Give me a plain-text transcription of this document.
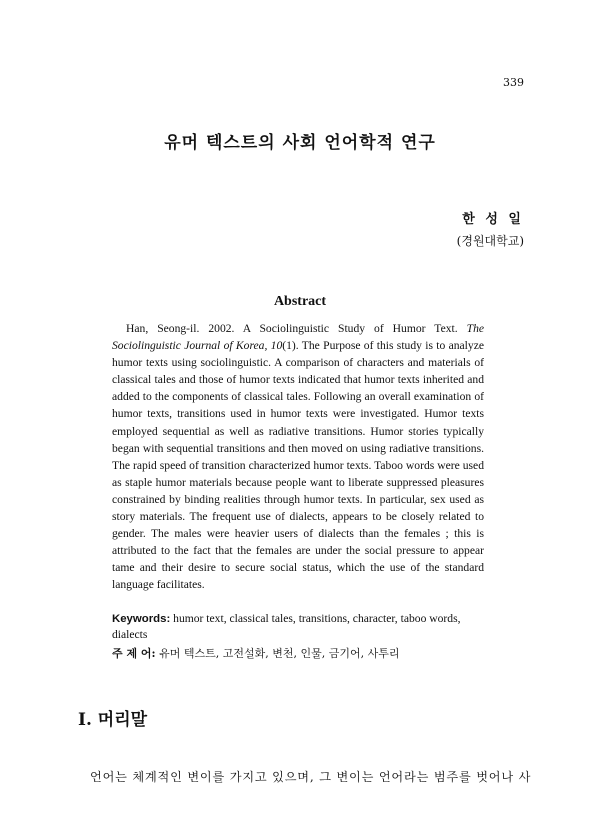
339
유머 텍스트의 사회 언어학적 연구
한 성 일
(경원대학교)
Abstract
Han, Seong-il. 2002. A Sociolinguistic Study of Humor Text. The Sociolinguistic Journal of Korea, 10(1). The Purpose of this study is to analyze humor texts using sociolinguistic. A comparison of characters and materials of classical tales and those of humor texts indicated that humor texts inherited and added to the components of classical tales. Following an overall examination of humor texts, transitions used in humor texts were investigated. Humor texts employed sequential as well as radiative transitions. Humor stories typically began with sequential transitions and then moved on using radiative transitions. The rapid speed of transition characterized humor texts. Taboo words were used as staple humor materials because people want to liberate suppressed pleasures constrained by binding realities through humor texts. In particular, sex used as story materials. The frequent use of dialects, appears to be closely related to gender. The males were heavier users of dialects than the females ; this is attributed to the fact that the females are under the social pressure to appear tame and their desire to secure social status, which the use of the standard language facilitates.
Keywords: humor text, classical tales, transitions, character, taboo words, dialects
주 제 어: 유머 텍스트, 고전설화, 변천, 인물, 금기어, 사투리
I. 머리말
언어는 체계적인 변이를 가지고 있으며, 그 변이는 언어라는 범주를 벗어나 사
